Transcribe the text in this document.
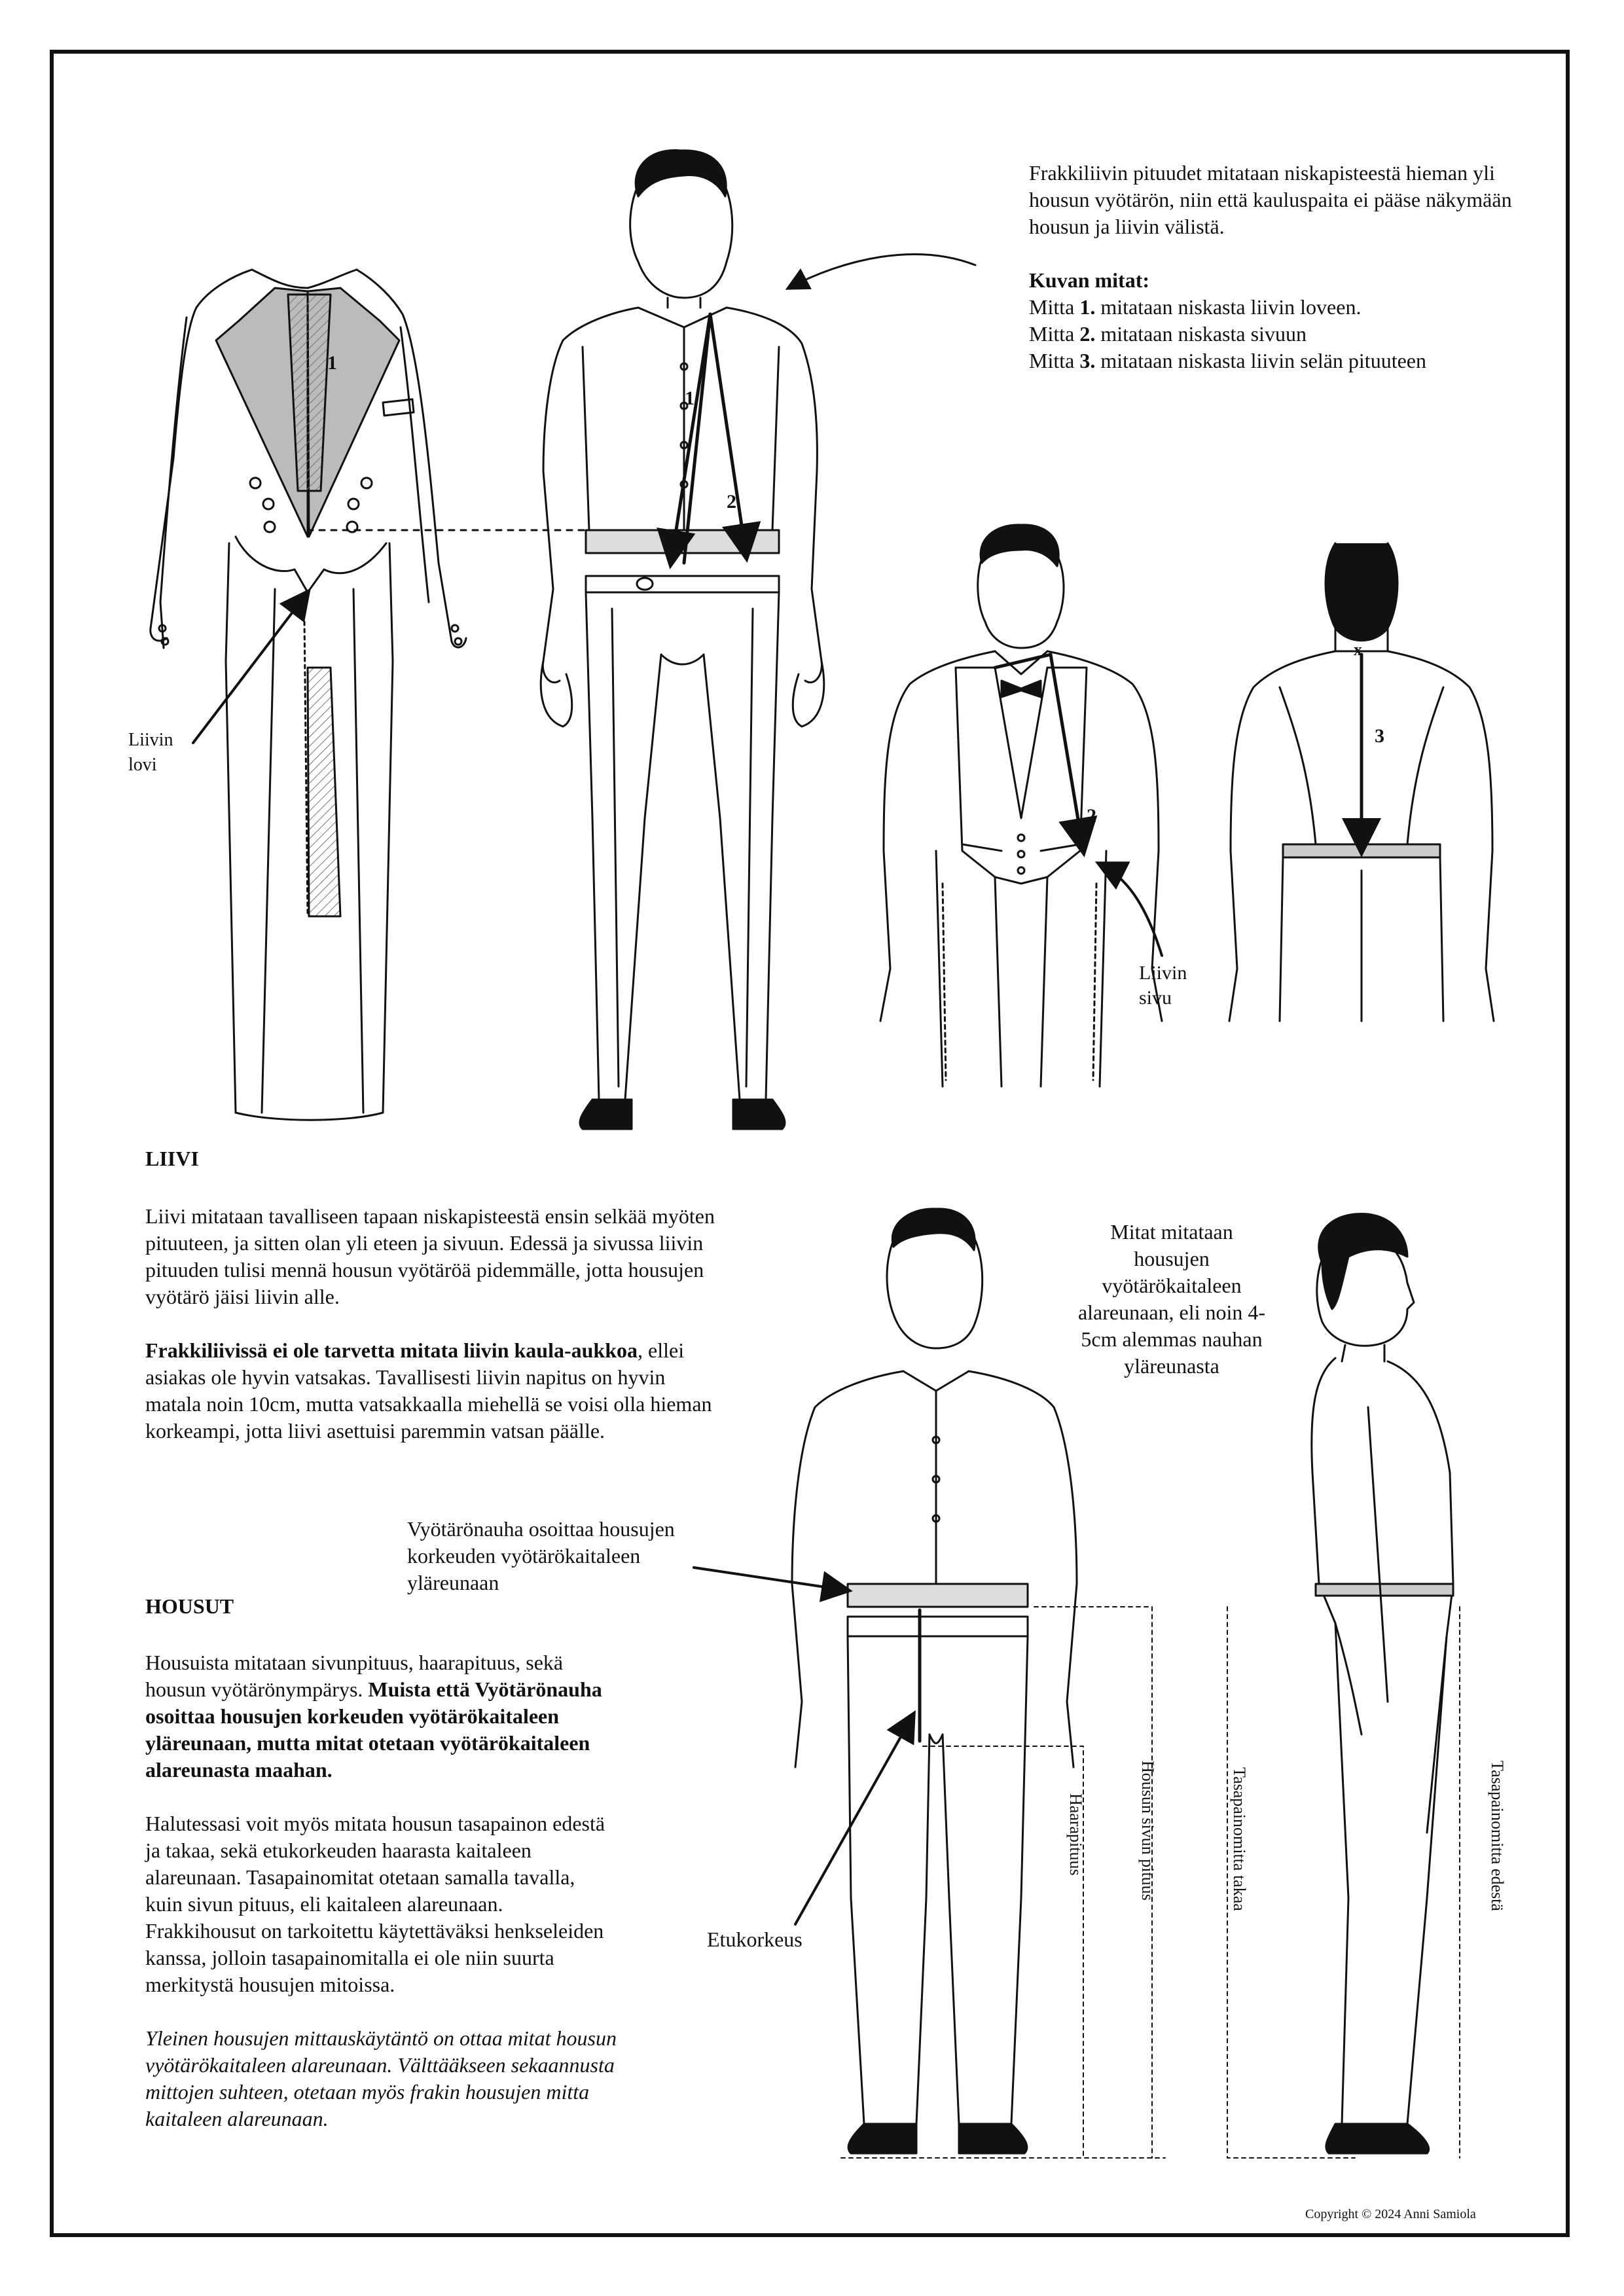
Frakkiliivin pituudet mitataan niskapisteestä hieman yli housun vyötärön, niin että kauluspaita ei pääse näkymään housun ja liivin välistä.

Kuvan mitat:

Mitta 1. mitataan niskasta liivin loveen.

Mitta 2. mitataan niskasta sivuun

Mitta 3. mitataan niskasta liivin selän pituuteen

Liivin lovi
Liivin sivu
1
1
2
2
3
x
LIIVI

Liivi mitataan tavalliseen tapaan niskapisteestä ensin selkää myöten pituuteen, ja sitten olan yli eteen ja sivuun. Edessä ja sivussa liivin pituuden tulisi mennä housun vyötäröä pidemmälle, jotta housujen vyötärö jäisi liivin alle.

Frakkiliivissä ei ole tarvetta mitata liivin kaula-aukkoa, ellei asiakas ole hyvin vatsakas. Tavallisesti liivin napitus on hyvin matala noin 10cm, mutta vatsakkaalla miehellä se voisi olla hieman korkeampi, jotta liivi asettuisi paremmin vatsan päälle.

Mitat mitataan housujen vyötärökaitaleen alareunaan, eli noin 4-5cm alemmas nauhan yläreunasta
Vyötärönauha osoittaa housujen korkeuden vyötärökaitaleen yläreunaan
Etukorkeus
Haarapituus	Housun sivun pituus	Tasapainomitta takaa	Tasapainomitta edestä
HOUSUT

Housuista mitataan sivunpituus, haarapituus, sekä housun vyötärönympärys. Muista että Vyötärönauha osoittaa housujen korkeuden vyötärökaitaleen yläreunaan, mutta mitat otetaan vyötärökaitaleen alareunasta maahan.

Halutessasi voit myös mitata housun tasapainon edestä ja takaa, sekä etukorkeuden haarasta kaitaleen alareunaan. Tasapainomitat otetaan samalla tavalla, kuin sivun pituus, eli kaitaleen alareunaan.

Frakkihousut on tarkoitettu käytettäväksi henkseleiden kanssa, jolloin tasapainomitalla ei ole niin suurta merkitystä housujen mitoissa.

Yleinen housujen mittauskäytäntö on ottaa mitat housun vyötärökaitaleen alareunaan. Välttääkseen sekaannusta mittojen suhteen, otetaan myös frakin housujen mitta kaitaleen alareunaan.

Copyright © 2024 Anni Samiola
